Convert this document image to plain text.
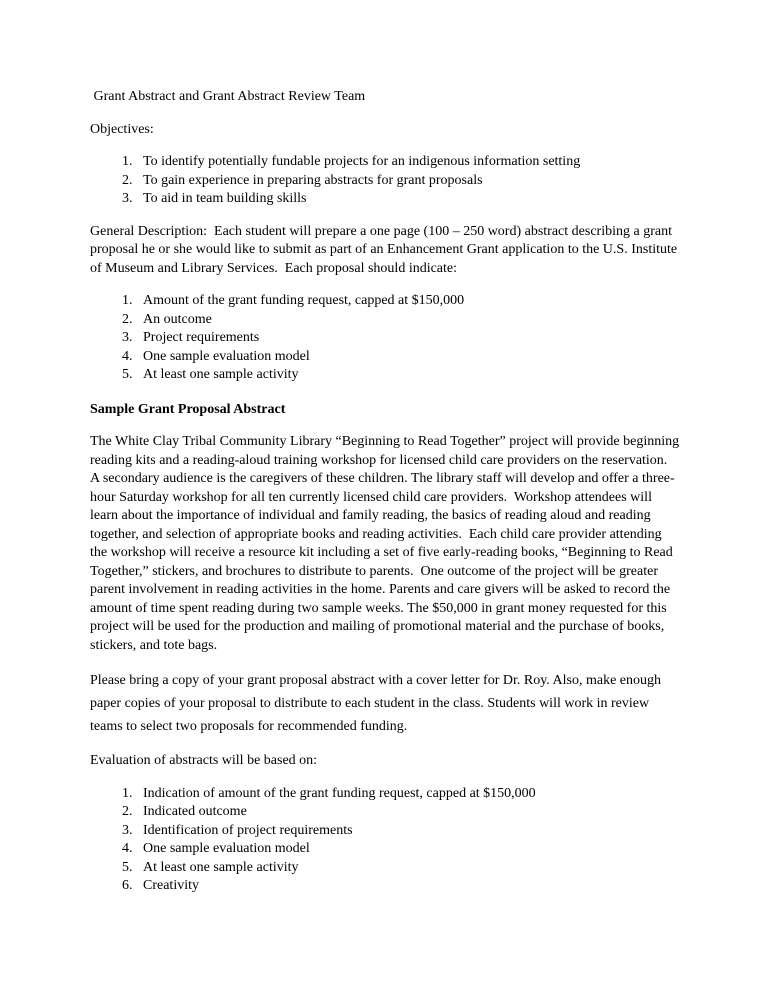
Grant Abstract and Grant Abstract Review Team

Objectives:

1. To identify potentially fundable projects for an indigenous information setting
2. To gain experience in preparing abstracts for grant proposals
3. To aid in team building skills

General Description:  Each student will prepare a one page (100 – 250 word) abstract describing a grant proposal he or she would like to submit as part of an Enhancement Grant application to the U.S. Institute of Museum and Library Services.  Each proposal should indicate:

1. Amount of the grant funding request, capped at $150,000
2. An outcome
3. Project requirements
4. One sample evaluation model
5. At least one sample activity

Sample Grant Proposal Abstract

The White Clay Tribal Community Library “Beginning to Read Together” project will provide beginning reading kits and a reading-aloud training workshop for licensed child care providers on the reservation.  A secondary audience is the caregivers of these children. The library staff will develop and offer a three-hour Saturday workshop for all ten currently licensed child care providers.  Workshop attendees will learn about the importance of individual and family reading, the basics of reading aloud and reading together, and selection of appropriate books and reading activities.  Each child care provider attending the workshop will receive a resource kit including a set of five early-reading books, “Beginning to Read Together,” stickers, and brochures to distribute to parents.  One outcome of the project will be greater parent involvement in reading activities in the home. Parents and care givers will be asked to record the amount of time spent reading during two sample weeks. The $50,000 in grant money requested for this project will be used for the production and mailing of promotional material and the purchase of books, stickers, and tote bags.

Please bring a copy of your grant proposal abstract with a cover letter for Dr. Roy. Also, make enough paper copies of your proposal to distribute to each student in the class. Students will work in review teams to select two proposals for recommended funding.

Evaluation of abstracts will be based on:

1. Indication of amount of the grant funding request, capped at $150,000
2. Indicated outcome
3. Identification of project requirements
4. One sample evaluation model
5. At least one sample activity
6. Creativity
